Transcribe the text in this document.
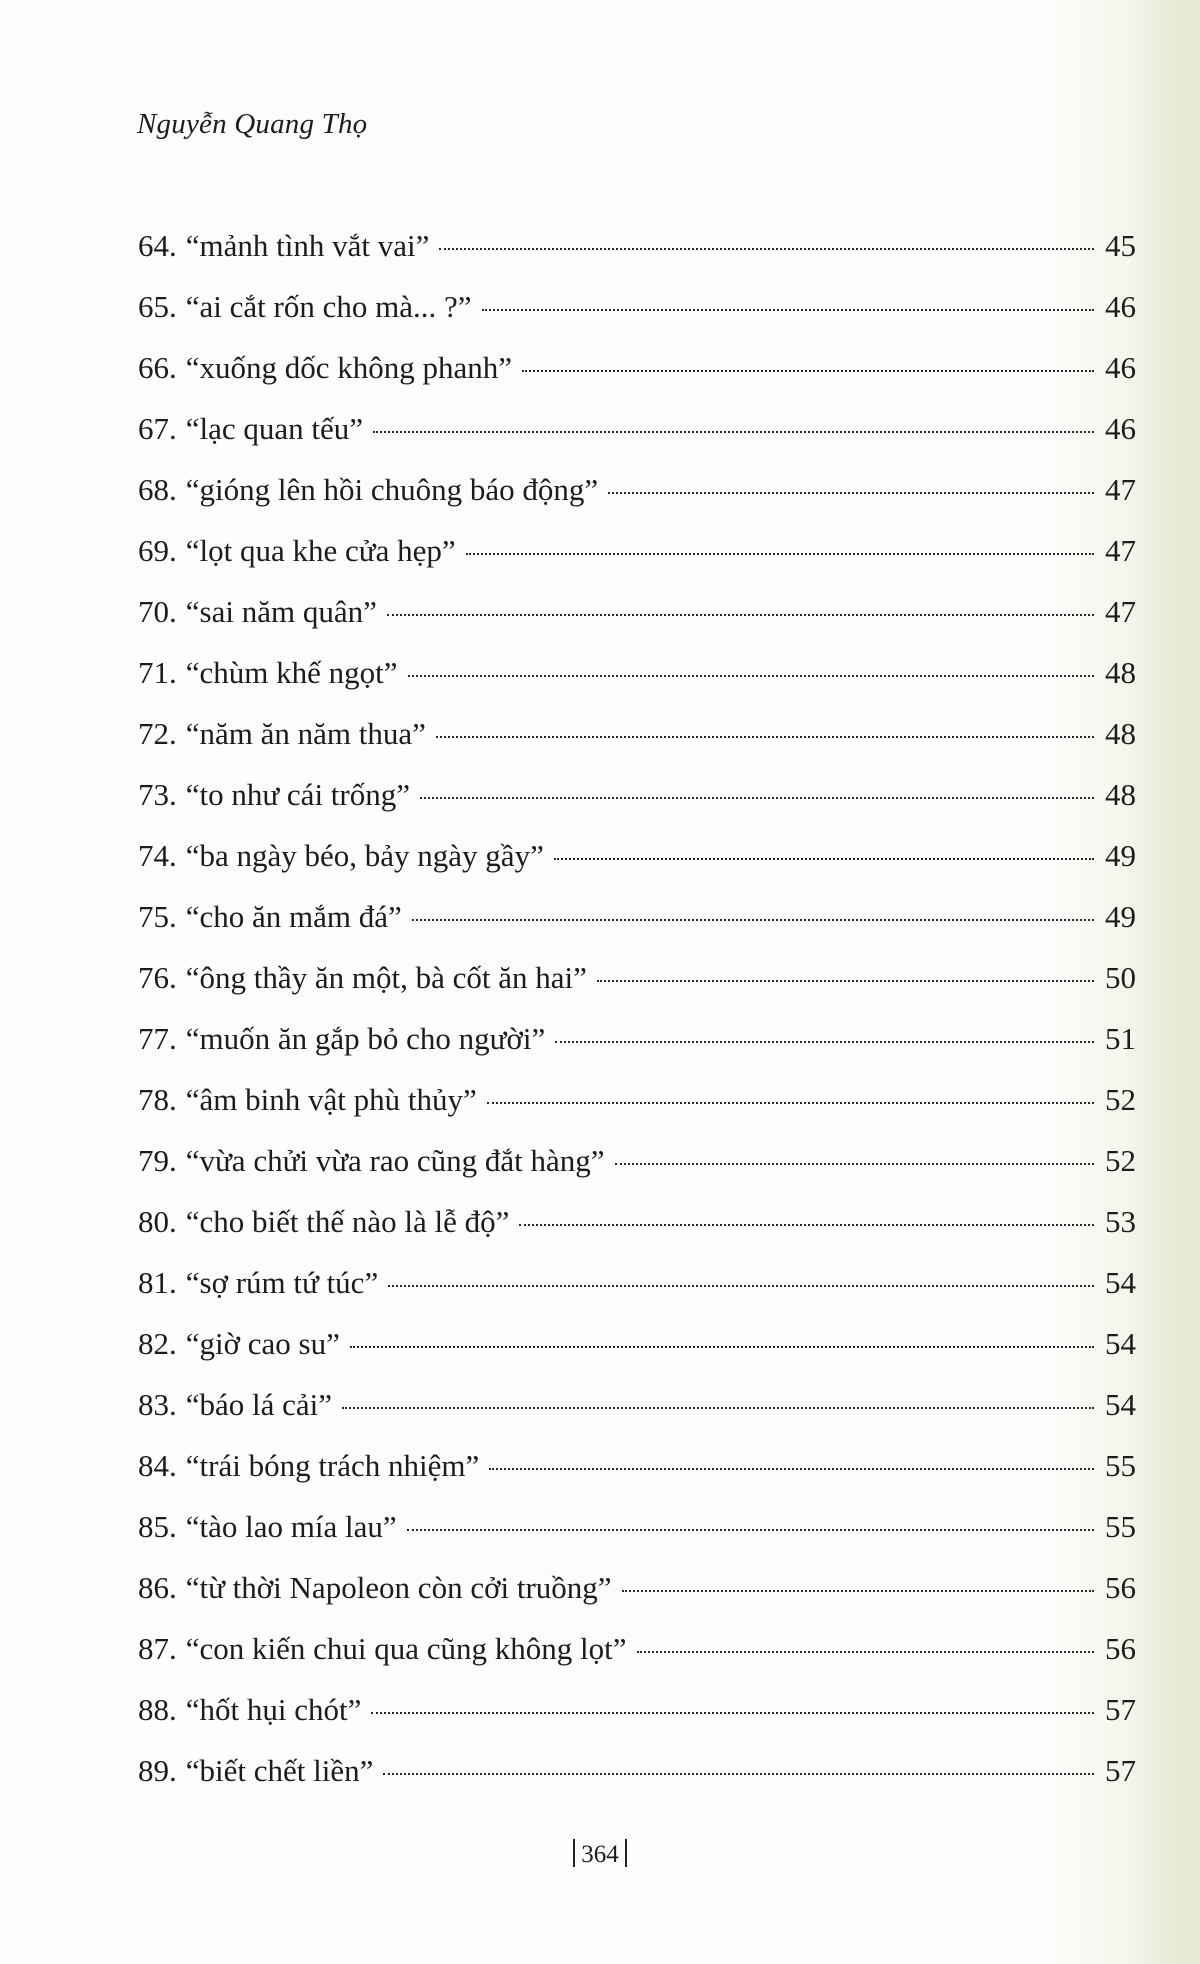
Nguyễn Quang Thọ
64. “mảnh tình vắt vai”	45
65. “ai cắt rốn cho mà... ?”	46
66. “xuống dốc không phanh”	46
67. “lạc quan tếu”	46
68. “gióng lên hồi chuông báo động”	47
69. “lọt qua khe cửa hẹp”	47
70. “sai năm quân”	47
71. “chùm khế ngọt”	48
72. “năm ăn năm thua”	48
73. “to như cái trống”	48
74. “ba ngày béo, bảy ngày gầy”	49
75. “cho ăn mắm đá”	49
76. “ông thầy ăn một, bà cốt ăn hai”	50
77. “muốn ăn gắp bỏ cho người”	51
78. “âm binh vật phù thủy”	52
79. “vừa chửi vừa rao cũng đắt hàng”	52
80. “cho biết thế nào là lễ độ”	53
81. “sợ rúm tứ túc”	54
82. “giờ cao su”	54
83. “báo lá cải”	54
84. “trái bóng trách nhiệm”	55
85. “tào lao mía lau”	55
86. “từ thời Napoleon còn cởi truồng”	56
87. “con kiến chui qua cũng không lọt”	56
88. “hốt hụi chót”	57
89. “biết chết liền”	57
364
